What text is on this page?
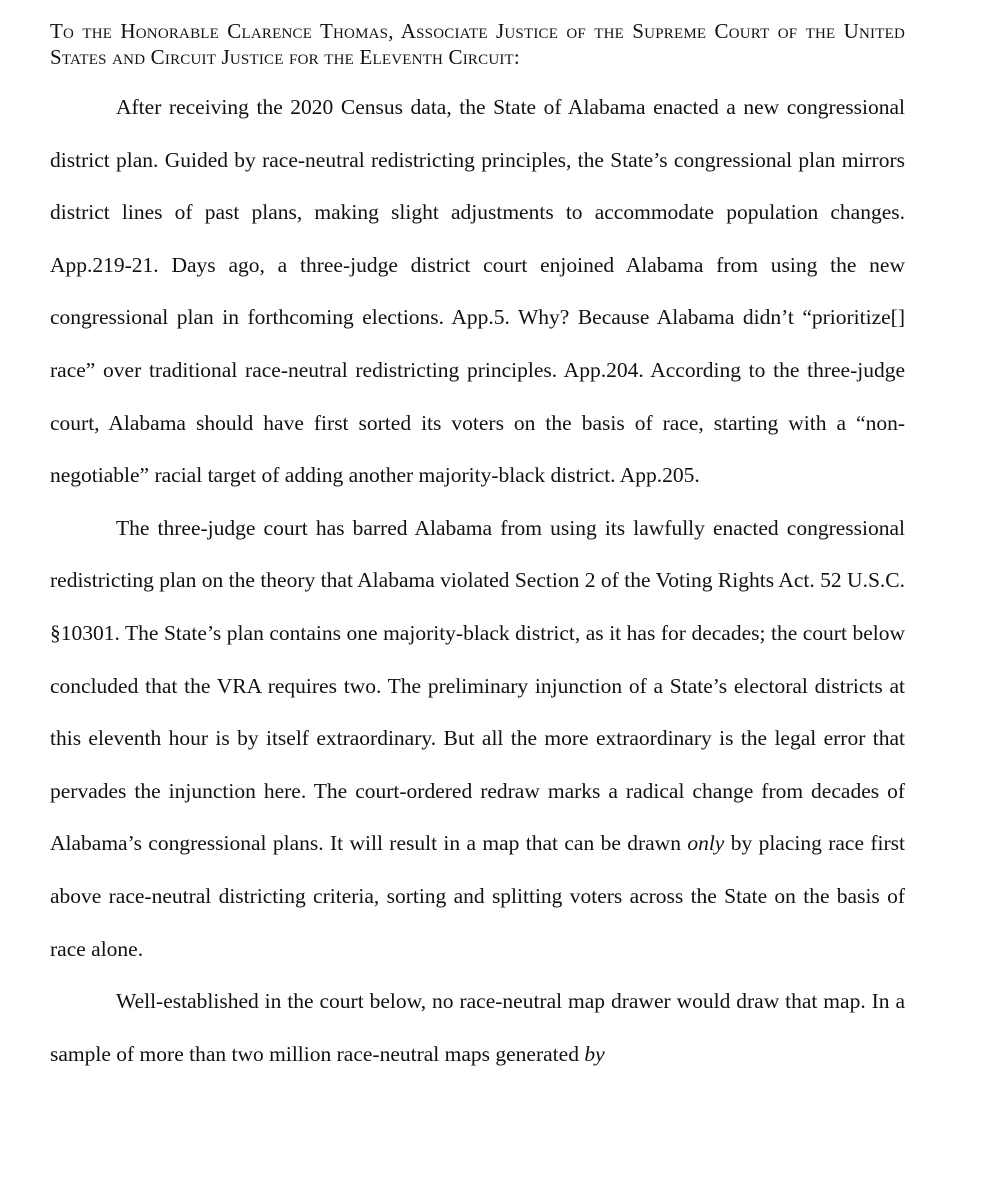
To the Honorable Clarence Thomas, Associate Justice of the Supreme Court of the United States and Circuit Justice for the Eleventh Circuit:

After receiving the 2020 Census data, the State of Alabama enacted a new congressional district plan. Guided by race-neutral redistricting principles, the State’s congressional plan mirrors district lines of past plans, making slight adjustments to accommodate population changes. App.219-21. Days ago, a three-judge district court enjoined Alabama from using the new congressional plan in forthcoming elections. App.5. Why? Because Alabama didn’t “prioritize[] race” over traditional race-neutral redistricting principles. App.204. According to the three-judge court, Alabama should have first sorted its voters on the basis of race, starting with a “non-negotiable” racial target of adding another majority-black district. App.205.

The three-judge court has barred Alabama from using its lawfully enacted congressional redistricting plan on the theory that Alabama violated Section 2 of the Voting Rights Act. 52 U.S.C. §10301. The State’s plan contains one majority-black district, as it has for decades; the court below concluded that the VRA requires two. The preliminary injunction of a State’s electoral districts at this eleventh hour is by itself extraordinary. But all the more extraordinary is the legal error that pervades the injunction here. The court-ordered redraw marks a radical change from decades of Alabama’s congressional plans. It will result in a map that can be drawn only by placing race first above race-neutral districting criteria, sorting and splitting voters across the State on the basis of race alone.

Well-established in the court below, no race-neutral map drawer would draw that map. In a sample of more than two million race-neutral maps generated by
